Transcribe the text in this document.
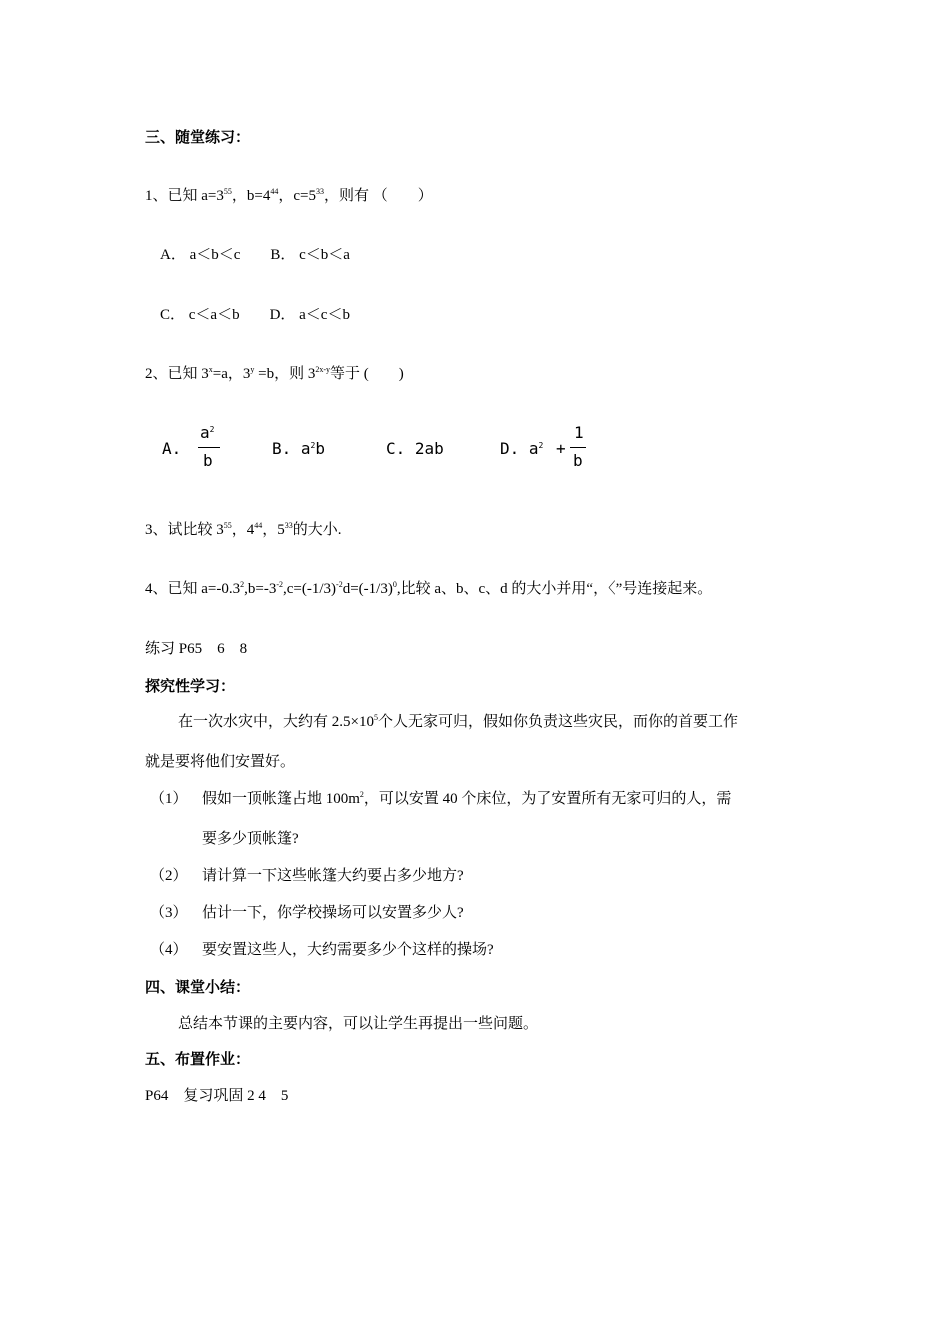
三、随堂练习：
1、已知 $a=3^{55}$，$b=4^{44}$，$c=5^{33}$，则有 （　　）
A． a＜b＜c　　B． c＜b＜a
C． c＜a＜b　　D． a＜c＜b
2、已知 $3^x=a$，$3^y =b$，则 $3^{2x-y}$等于 (　　)
A.
$a^2$
b
B. $a^2b$	C. 2ab	D. $a^2$ +
1
b
3、试比较 $3^{55}$，$4^{44}$，$5^{33}$的大小.
4、已知 $a=-0.3^2,b=-3^{-2},c=(-1/3)^{-2}d=(-1/3)^0$,比较 a、b、c、d 的大小并用“，〈”号连接起来。
练习 P65　6　8
探究性学习：
在一次水灾中，大约有 $2.5\times 10^5$个人无家可归，假如你负责这些灾民，而你的首要工作
就是要将他们安置好。
（1） 假如一顶帐篷占地 $100m^2$，可以安置 40 个床位，为了安置所有无家可归的人，需
要多少顶帐篷?
（2） 请计算一下这些帐篷大约要占多少地方?
（3） 估计一下，你学校操场可以安置多少人?
（4） 要安置这些人，大约需要多少个这样的操场?
四、课堂小结：
总结本节课的主要内容，可以让学生再提出一些问题。
五、布置作业：
P64　复习巩固 2 4　5
